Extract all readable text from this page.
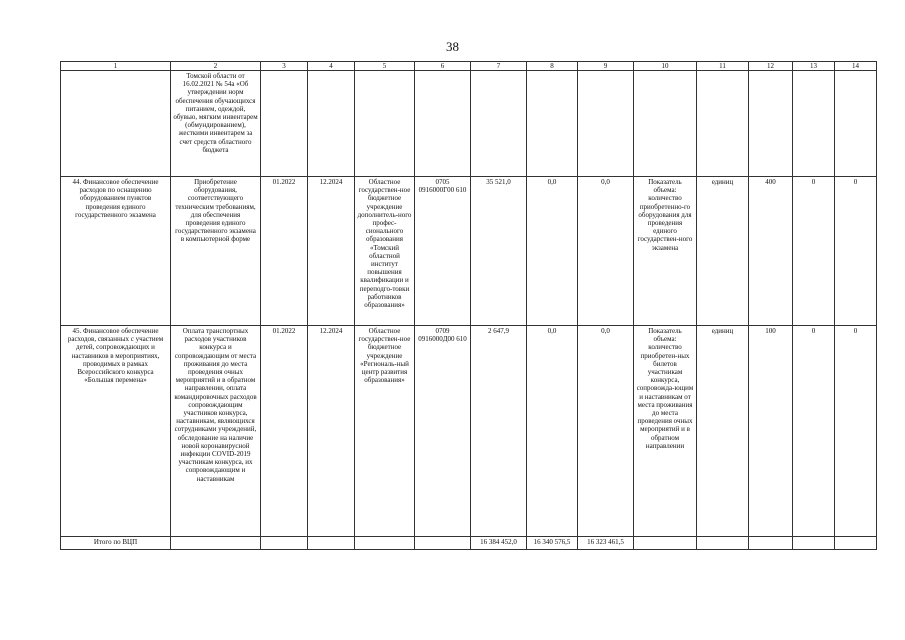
38
1	2	3	4	5	6	7	8	9	10	11	12	13	14
	Томской области от 16.02.2021 № 54а «Об утверждении норм обеспечения обучающихся питанием, одеждой, обувью, мягким инвентарем (обмундированием), жесткими инвентарем за счет средств областного бюджета												
44. Финансовое обеспечение расходов по оснащению оборудованием пунктов проведения единого государственного экзамена	Приобретение оборудования, соответствующего техническим требованиям, для обеспечения проведения единого государственного экзамена в компьютерной форме	01.2022	12.2024	Областное государствен-ное бюджетное учреждение дополнитель-ного профес-сионального образования «Томский областной институт повышения квалификации и переподго-товки работников образования»	0705 0916000Г00 610	35 521,0	0,0	0,0	Показатель объема: количество приобретенно-го оборудования для проведения единого государствен-ного экзамена	единиц	400	0	0
45. Финансовое обеспечение расходов, связанных с участием детей, сопровождающих и наставников в мероприятиях, проводимых в рамках Всероссийского конкурса «Большая перемена»	Оплата транспортных расходов участников конкурса и сопровождающим от места проживания до места проведения очных мероприятий и в обратном направлении, оплата командировочных расходов сопровождающим участников конкурса, наставникам, являющихся сотрудниками учреждений, обследование на наличие новой коронавирусной инфекции COVID-2019 участникам конкурса, их сопровождающим и наставникам	01.2022	12.2024	Областное государствен-ное бюджетное учреждение «Региональ-ный центр развития образования»	0709 0916000Д00 610	2 647,9	0,0	0,0	Показатель объема: количество приобретен-ных билетов участникам конкурса, сопровожда-ющим и наставникам от места проживания до места проведения очных мероприятий и в обратном направлении	единиц	100	0	0
Итого по ВЦП						16 384 452,0	16 340 576,5	16 323 461,5					
